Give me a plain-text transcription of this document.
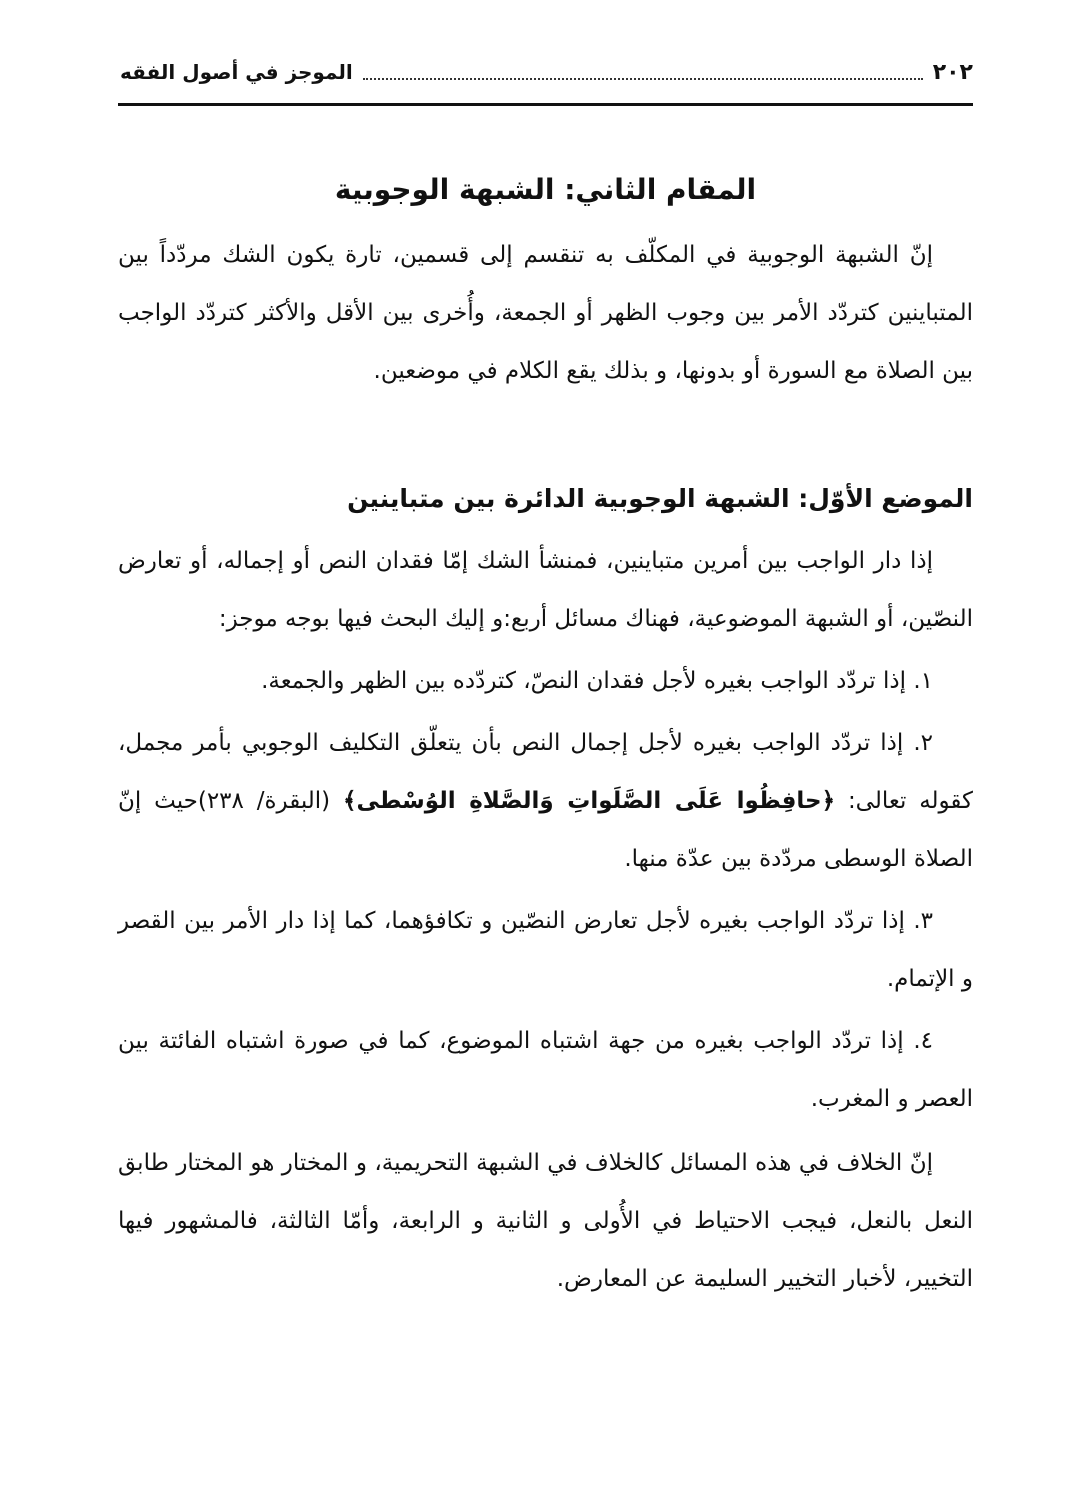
٢٠٢
الموجز في أصول الفقه

المقام الثاني: الشبهة الوجوبية

إنّ الشبهة الوجوبية في المكلّف به تنقسم إلى قسمين، تارة يكون الشك مردّداً بين المتباينين كتردّد الأمر بين وجوب الظهر أو الجمعة، وأُخرى بين الأقل والأكثر كتردّد الواجب بين الصلاة مع السورة أو بدونها، و بذلك يقع الكلام في موضعين.

الموضع الأوّل: الشبهة الوجوبية الدائرة بين متباينين

إذا دار الواجب بين أمرين متباينين، فمنشأ الشك إمّا فقدان النص أو إجماله، أو تعارض النصّين، أو الشبهة الموضوعية، فهناك مسائل أربع:و إليك البحث فيها بوجه موجز:

١. إذا تردّد الواجب بغيره لأجل فقدان النصّ، كتردّده بين الظهر والجمعة.

٢. إذا تردّد الواجب بغيره لأجل إجمال النص بأن يتعلّق التكليف الوجوبي بأمر مجمل، كقوله تعالى: ﴿حافِظُوا عَلَى الصَّلَواتِ وَالصَّلاةِ الوُسْطى﴾ (البقرة/ ٢٣٨)حيث إنّ الصلاة الوسطى مردّدة بين عدّة منها.

٣. إذا تردّد الواجب بغيره لأجل تعارض النصّين و تكافؤهما، كما إذا دار الأمر بين القصر و الإتمام.

٤. إذا تردّد الواجب بغيره من جهة اشتباه الموضوع، كما في صورة اشتباه الفائتة بين العصر و المغرب.

إنّ الخلاف في هذه المسائل كالخلاف في الشبهة التحريمية، و المختار هو المختار طابق النعل بالنعل، فيجب الاحتياط في الأُولى و الثانية و الرابعة، وأمّا الثالثة، فالمشهور فيها التخيير، لأخبار التخيير السليمة عن المعارض.
